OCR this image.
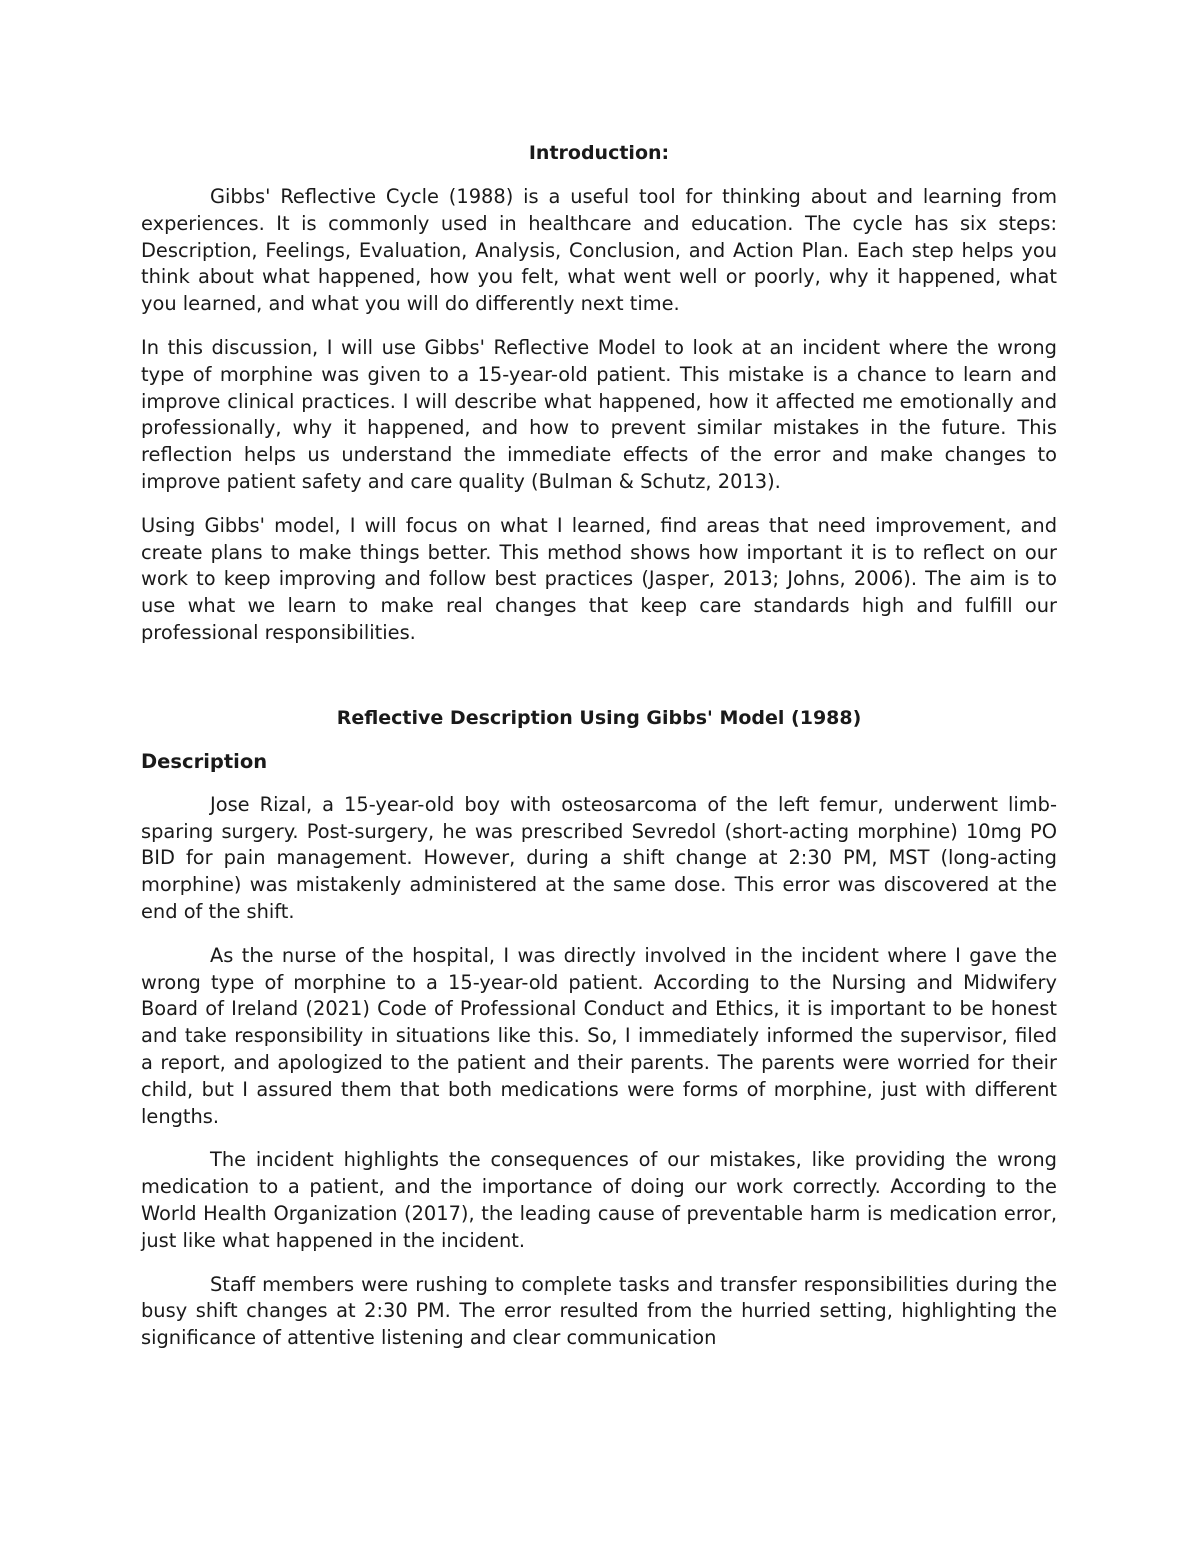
Introduction:

Gibbs' Reflective Cycle (1988) is a useful tool for thinking about and learning from experiences. It is commonly used in healthcare and education. The cycle has six steps: Description, Feelings, Evaluation, Analysis, Conclusion, and Action Plan. Each step helps you think about what happened, how you felt, what went well or poorly, why it happened, what you learned, and what you will do differently next time.

In this discussion, I will use Gibbs' Reflective Model to look at an incident where the wrong type of morphine was given to a 15-year-old patient. This mistake is a chance to learn and improve clinical practices. I will describe what happened, how it affected me emotionally and professionally, why it happened, and how to prevent similar mistakes in the future. This reflection helps us understand the immediate effects of the error and make changes to improve patient safety and care quality (Bulman & Schutz, 2013).

Using Gibbs' model, I will focus on what I learned, find areas that need improvement, and create plans to make things better. This method shows how important it is to reflect on our work to keep improving and follow best practices (Jasper, 2013; Johns, 2006). The aim is to use what we learn to make real changes that keep care standards high and fulfill our professional responsibilities.

Reflective Description Using Gibbs' Model (1988)

Description

Jose Rizal, a 15-year-old boy with osteosarcoma of the left femur, underwent limb-sparing surgery. Post-surgery, he was prescribed Sevredol (short-acting morphine) 10mg PO BID for pain management. However, during a shift change at 2:30 PM, MST (long-acting morphine) was mistakenly administered at the same dose. This error was discovered at the end of the shift.

As the nurse of the hospital, I was directly involved in the incident where I gave the wrong type of morphine to a 15-year-old patient. According to the Nursing and Midwifery Board of Ireland (2021) Code of Professional Conduct and Ethics, it is important to be honest and take responsibility in situations like this. So, I immediately informed the supervisor, filed a report, and apologized to the patient and their parents. The parents were worried for their child, but I assured them that both medications were forms of morphine, just with different lengths.

The incident highlights the consequences of our mistakes, like providing the wrong medication to a patient, and the importance of doing our work correctly. According to the World Health Organization (2017), the leading cause of preventable harm is medication error, just like what happened in the incident.

Staff members were rushing to complete tasks and transfer responsibilities during the busy shift changes at 2:30 PM. The error resulted from the hurried setting, highlighting the significance of attentive listening and clear communication
